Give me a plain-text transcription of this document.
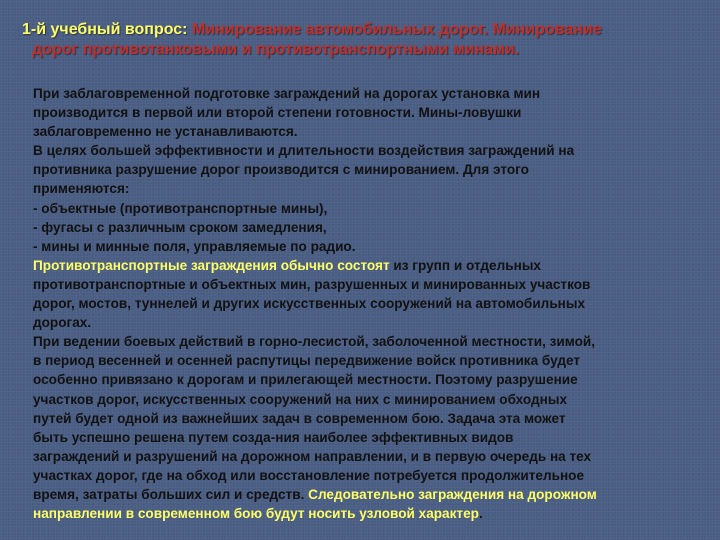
1-й учебный вопрос: Минирование автомобильных дорог. Минирование
дорог противотанковыми и противотранспортными минами.
При заблаговременной подготовке заграждений на дорогах установка мин
производится в первой или второй степени готовности. Мины-ловушки
заблаговременно не устанавливаются.
В целях большей эффективности и длительности воздействия заграждений на
противника разрушение дорог производится с минированием. Для этого
применяются:
- объектные (противотранспортные мины),
- фугасы с различным сроком замедления,
- мины и минные поля, управляемые по радио.
Противотранспортные заграждения обычно состоят из групп и отдельных
противотранспортные и объектных мин, разрушенных и минированных участков
дорог, мостов, туннелей и других искусственных сооружений на автомобильных
дорогах.
При ведении боевых действий в горно-лесистой, заболоченной местности, зимой,
в период весенней и осенней распутицы передвижение войск противника будет
особенно привязано к дорогам и прилегающей местности. Поэтому разрушение
участков дорог, искусственных сооружений на них с минированием обходных
путей будет одной из важнейших задач в современном бою. Задача эта может
быть успешно решена путем созда-ния наиболее эффективных видов
заграждений и разрушений на дорожном направлении, и в первую очередь на тех
участках дорог, где на обход или восстановление потребуется продолжительное
время, затраты больших сил и средств. Следовательно заграждения на дорожном
направлении в современном бою будут носить узловой характер.
